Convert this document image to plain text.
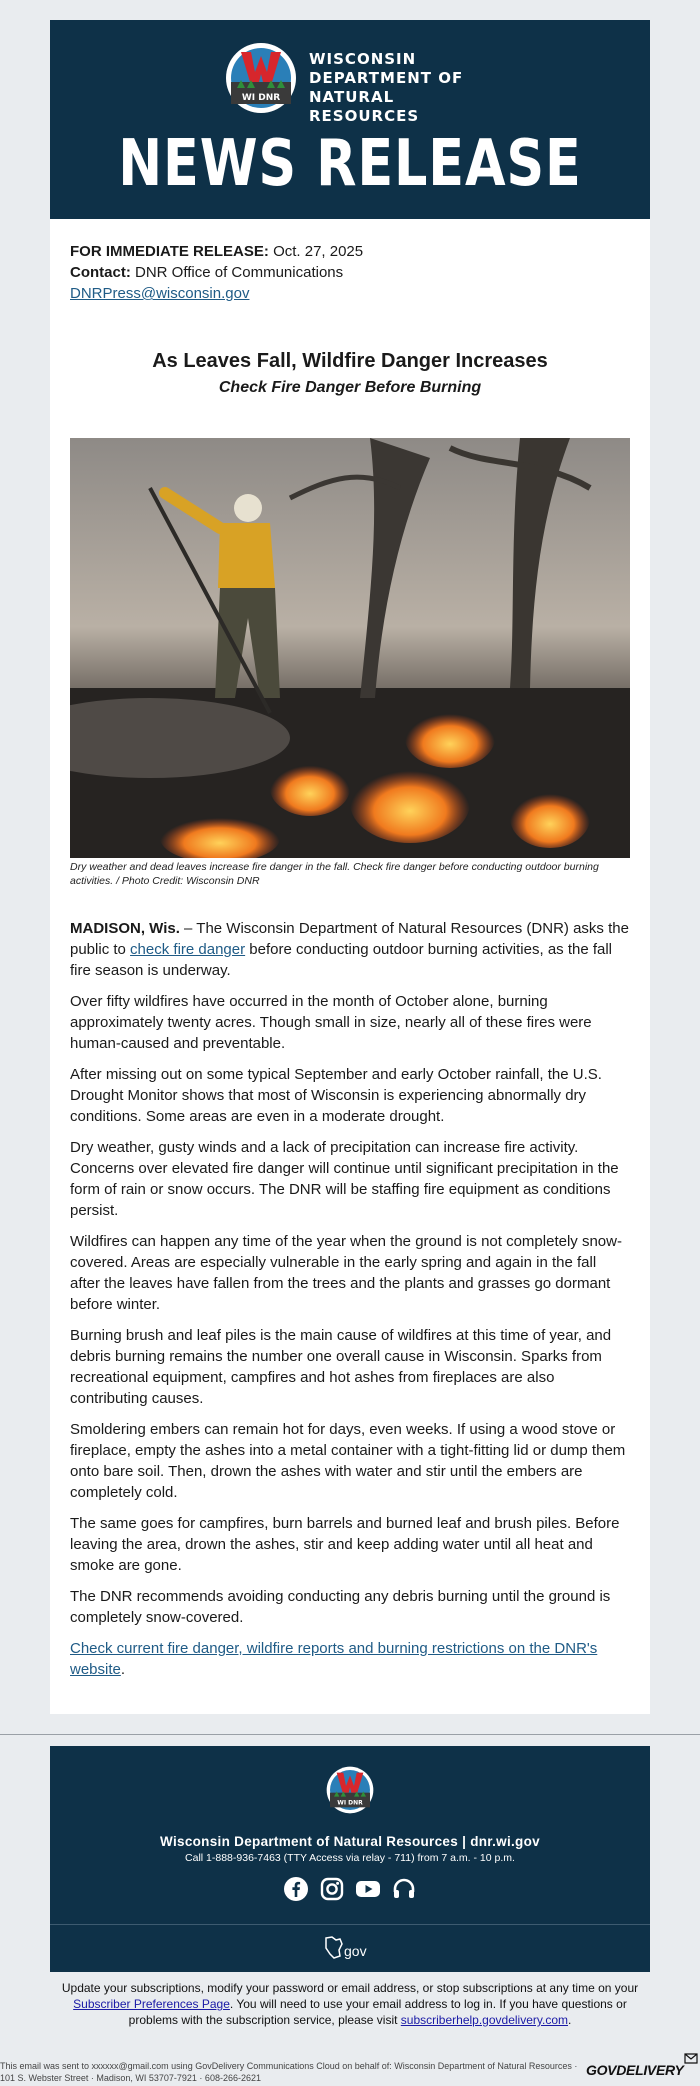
WI DNR
WISCONSIN
DEPARTMENT OF
NATURAL RESOURCES
NEWS RELEASE
FOR IMMEDIATE RELEASE: Oct. 27, 2025
Contact: DNR Office of Communications
DNRPress@wisconsin.gov
As Leaves Fall, Wildfire Danger Increases
Check Fire Danger Before Burning
Dry weather and dead leaves increase fire danger in the fall. Check fire danger before conducting outdoor burning activities. / Photo Credit: Wisconsin DNR

MADISON, Wis. – The Wisconsin Department of Natural Resources (DNR) asks the public to check fire danger before conducting outdoor burning activities, as the fall fire season is underway.

Over fifty wildfires have occurred in the month of October alone, burning approximately twenty acres. Though small in size, nearly all of these fires were human-caused and preventable.

After missing out on some typical September and early October rainfall, the U.S. Drought Monitor shows that most of Wisconsin is experiencing abnormally dry conditions. Some areas are even in a moderate drought.

Dry weather, gusty winds and a lack of precipitation can increase fire activity. Concerns over elevated fire danger will continue until significant precipitation in the form of rain or snow occurs. The DNR will be staffing fire equipment as conditions persist.

Wildfires can happen any time of the year when the ground is not completely snow-covered. Areas are especially vulnerable in the early spring and again in the fall after the leaves have fallen from the trees and the plants and grasses go dormant before winter.

Burning brush and leaf piles is the main cause of wildfires at this time of year, and debris burning remains the number one overall cause in Wisconsin. Sparks from recreational equipment, campfires and hot ashes from fireplaces are also contributing causes.

Smoldering embers can remain hot for days, even weeks. If using a wood stove or fireplace, empty the ashes into a metal container with a tight-fitting lid or dump them onto bare soil. Then, drown the ashes with water and stir until the embers are completely cold.

The same goes for campfires, burn barrels and burned leaf and brush piles. Before leaving the area, drown the ashes, stir and keep adding water until all heat and smoke are gone.

The DNR recommends avoiding conducting any debris burning until the ground is completely snow-covered.

Check current fire danger, wildfire reports and burning restrictions on the DNR's website.

WI DNR
Wisconsin Department of Natural Resources | dnr.wi.gov
Call 1-888-936-7463 (TTY Access via relay - 711) from 7 a.m. - 10 p.m.
gov
Update your subscriptions, modify your password or email address, or stop subscriptions at any time on your Subscriber Preferences Page. You will need to use your email address to log in. If you have questions or problems with the subscription service, please visit subscriberhelp.govdelivery.com.
This email was sent to xxxxxx@gmail.com using GovDelivery Communications Cloud on behalf of: Wisconsin Department of Natural Resources · 101 S. Webster Street · Madison, WI 53707-7921 · 608-266-2621	GOVDELIVERY
